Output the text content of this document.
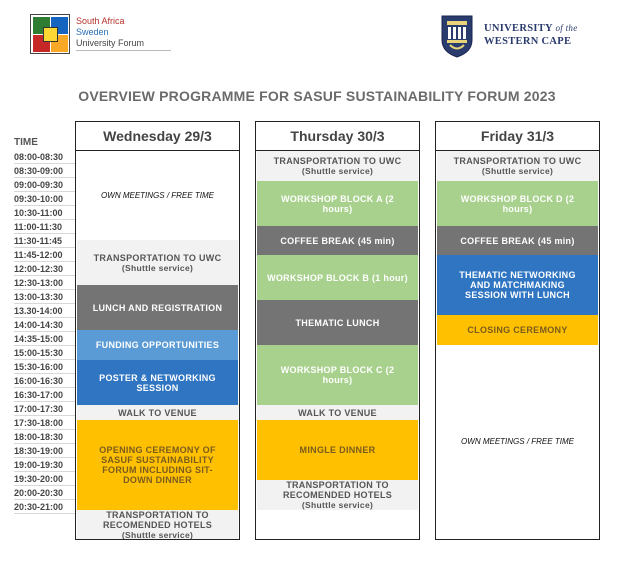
South Africa
Sweden
University Forum
UNIVERSITY of the
WESTERN CAPE
OVERVIEW PROGRAMME FOR SASUF SUSTAINABILITY FORUM 2023
TIME
08:00-08:30
08:30-09:00
09:00-09:30
09:30-10:00
10:30-11:00
11:00-11:30
11:30-11:45
11:45-12:00
12:00-12:30
12:30-13:00
13:00-13:30
13.30-14:00
14:00-14:30
14:35-15:00
15:00-15:30
15:30-16:00
16:00-16:30
16:30-17:00
17:00-17:30
17:30-18:00
18:00-18:30
18:30-19:00
19:00-19:30
19:30-20:00
20:00-20:30
20:30-21:00
Wednesday 29/3
OWN MEETINGS / FREE TIME
TRANSPORTATION TO UWC
(Shuttle service)
LUNCH AND REGISTRATION
FUNDING OPPORTUNITIES
POSTER & NETWORKING SESSION
WALK TO VENUE
OPENING CEREMONY OF SASUF SUSTAINABILITY FORUM INCLUDING SIT-DOWN DINNER
TRANSPORTATION TO RECOMENDED HOTELS
(Shuttle service)
Thursday 30/3
TRANSPORTATION TO UWC
(Shuttle service)
WORKSHOP BLOCK A (2 hours)
COFFEE BREAK (45 min)
WORKSHOP BLOCK B (1 hour)
THEMATIC LUNCH
WORKSHOP BLOCK C (2 hours)
WALK TO VENUE
MINGLE DINNER
TRANSPORTATION TO RECOMENDED HOTELS
(Shuttle service)
Friday 31/3
TRANSPORTATION TO UWC
(Shuttle service)
WORKSHOP BLOCK D (2 hours)
COFFEE BREAK (45 min)
THEMATIC NETWORKING AND MATCHMAKING SESSION WITH LUNCH
CLOSING CEREMONY
OWN MEETINGS / FREE TIME
